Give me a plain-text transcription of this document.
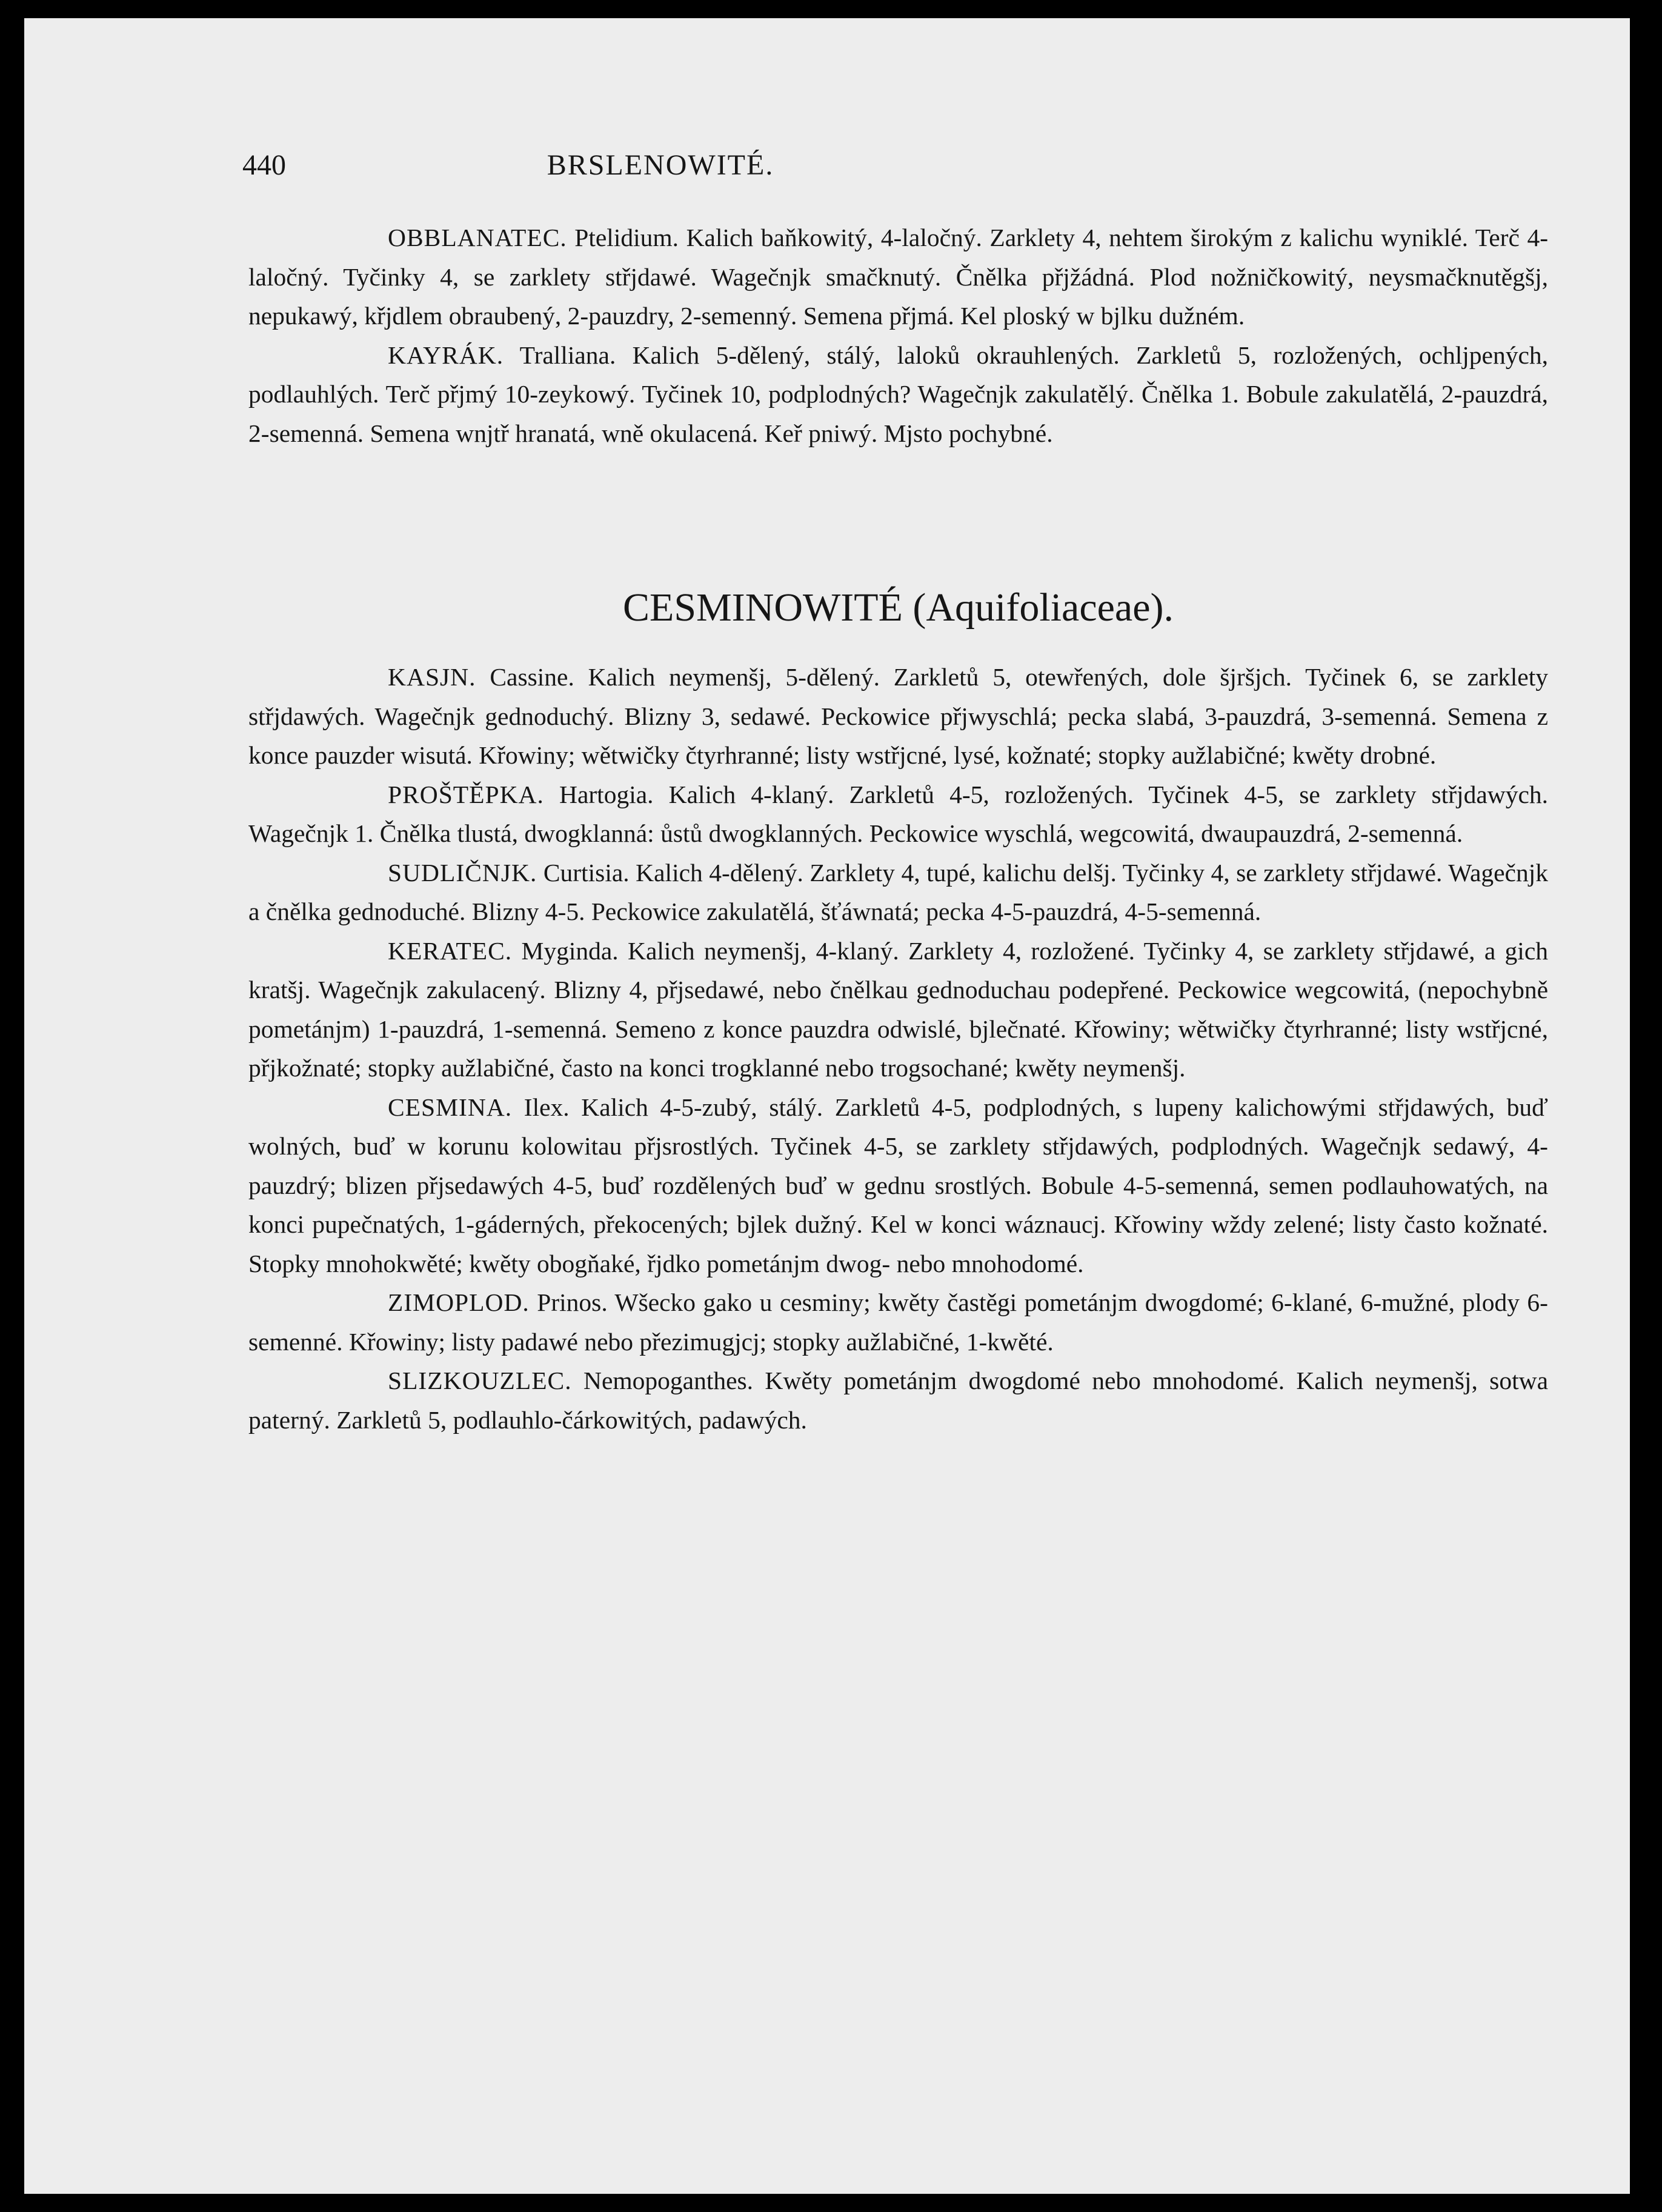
440	BRSLENOWITÉ.

OBBLANATEC. Ptelidium. Kalich baňkowitý, 4-laločný. Zarklety 4, nehtem širokým z kalichu wyniklé. Terč 4-laločný. Tyčinky 4, se zarklety střjdawé. Wagečnjk smačknutý. Čnělka přjžádná. Plod nožničkowitý, neysmačknutěgšj, nepukawý, křjdlem obraubený, 2-pauzdry, 2-semenný. Semena přjmá. Kel ploský w bjlku dužném.

KAYRÁK. Tralliana. Kalich 5-dělený, stálý, laloků okrauhlených. Zarkletů 5, rozložených, ochljpených, podlauhlých. Terč přjmý 10-zeykowý. Tyčinek 10, podplodných? Wagečnjk zakulatělý. Čnělka 1. Bobule zakulatělá, 2-pauzdrá, 2-semenná. Semena wnjtř hranatá, wně okulacená. Keř pniwý. Mjsto pochybné.

CESMINOWITÉ (Aquifoliaceae).

KASJN. Cassine. Kalich neymenšj, 5-dělený. Zarkletů 5, otewřených, dole šjršjch. Tyčinek 6, se zarklety střjdawých. Wagečnjk gednoduchý. Blizny 3, sedawé. Peckowice přjwyschlá; pecka slabá, 3-pauzdrá, 3-semenná. Semena z konce pauzder wisutá. Křowiny; wětwičky čtyrhranné; listy wstřjcné, lysé, kožnaté; stopky aužlabičné; kwěty drobné.

PROŠTĚPKA. Hartogia. Kalich 4-klaný. Zarkletů 4-5, rozložených. Tyčinek 4-5, se zarklety střjdawých. Wagečnjk 1. Čnělka tlustá, dwogklanná: ůstů dwogklanných. Peckowice wyschlá, wegcowitá, dwaupauzdrá, 2-semenná.

SUDLIČNJK. Curtisia. Kalich 4-dělený. Zarklety 4, tupé, kalichu delšj. Tyčinky 4, se zarklety střjdawé. Wagečnjk a čnělka gednoduché. Blizny 4-5. Peckowice zakulatělá, šťáwnatá; pecka 4-5-pauzdrá, 4-5-semenná.

KERATEC. Myginda. Kalich neymenšj, 4-klaný. Zarklety 4, rozložené. Tyčinky 4, se zarklety střjdawé, a gich kratšj. Wagečnjk zakulacený. Blizny 4, přjsedawé, nebo čnělkau gednoduchau podepřené. Peckowice wegcowitá, (nepochybně pometánjm) 1-pauzdrá, 1-semenná. Semeno z konce pauzdra odwislé, bjlečnaté. Křowiny; wětwičky čtyrhranné; listy wstřjcné, přjkožnaté; stopky aužlabičné, často na konci trogklanné nebo trogsochané; kwěty neymenšj.

CESMINA. Ilex. Kalich 4-5-zubý, stálý. Zarkletů 4-5, podplodných, s lupeny kalichowými střjdawých, buď wolných, buď w korunu kolowitau přjsrostlých. Tyčinek 4-5, se zarklety střjdawých, podplodných. Wagečnjk sedawý, 4-pauzdrý; blizen přjsedawých 4-5, buď rozdělených buď w gednu srostlých. Bobule 4-5-semenná, semen podlauhowatých, na konci pupečnatých, 1-gáderných, překocených; bjlek dužný. Kel w konci wáznaucj. Křowiny wždy zelené; listy často kožnaté. Stopky mnohokwěté; kwěty obogňaké, řjdko pometánjm dwog- nebo mnohodomé.

ZIMOPLOD. Prinos. Wšecko gako u cesminy; kwěty častěgi pometánjm dwogdomé; 6-klané, 6-mužné, plody 6-semenné. Křowiny; listy padawé nebo přezimugjcj; stopky aužlabičné, 1-kwěté.

SLIZKOUZLEC. Nemopoganthes. Kwěty pometánjm dwogdomé nebo mnohodomé. Kalich neymenšj, sotwa paterný. Zarkletů 5, podlauhlo-čárkowitých, padawých.
